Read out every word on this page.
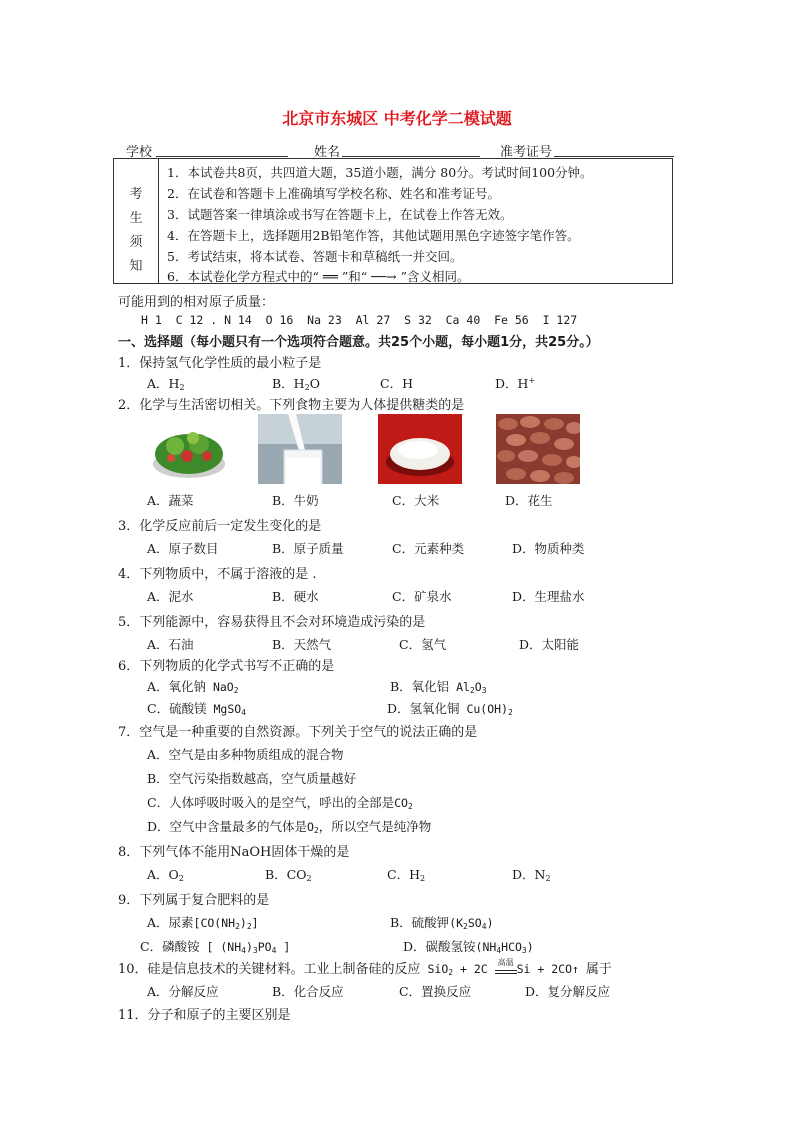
北京市东城区 中考化学二模试题
学校	姓名	准考证号
考
生
须
知
1．本试卷共8页，共四道大题，35道小题，满分 80分。考试时间100分钟。
2．在试卷和答题卡上准确填写学校名称、姓名和准考证号。
3．试题答案一律填涂或书写在答题卡上，在试卷上作答无效。
4．在答题卡上，选择题用2B铅笔作答，其他试题用黑色字迹签字笔作答。
5．考试结束，将本试卷、答题卡和草稿纸一并交回。
6．本试卷化学方程式中的“ ══ ”和“ ──→ ”含义相同。
可能用到的相对原子质量：
H 1  C 12 . N 14  O 16  Na 23  Al 27  S 32  Ca 40  Fe 56  I 127
一、选择题（每小题只有一个选项符合题意。共25个小题，每小题1分，共25分。）
1．保持氢气化学性质的最小粒子是
A．$H_2$	B．$H_2O$	C．H	D．H+
2．化学与生活密切相关。下列食物主要为人体提供糖类的是
A．蔬菜	B．牛奶	C．大米	D．花生
3．化学反应前后一定发生变化的是
A．原子数目	B．原子质量	C．元素种类	D．物质种类
4．下列物质中，不属于溶液的是 .
A．泥水	B．硬水	C．矿泉水	D．生理盐水
5．下列能源中，容易获得且不会对环境造成污染的是
A．石油	B．天然气	C．氢气	D．太阳能
6．下列物质的化学式书写不正确的是
A．氧化钠 NaO$_2$	B．氧化铝 $Al_2O_3$
C．硫酸镁 MgSO$_4$	D．氢氧化铜 $Cu(OH)_2$
7．空气是一种重要的自然资源。下列关于空气的说法正确的是
A．空气是由多种物质组成的混合物
B．空气污染指数越高，空气质量越好
C．人体呼吸时吸入的是空气，呼出的全部是$CO_2$
D．空气中含量最多的气体是$O_2$，所以空气是纯净物
8．下列气体不能用NaOH固体干燥的是
A．$O_2$	B．$CO_2$	C．$H_2$	D．$N_2$
9．下列属于复合肥料的是
A．尿素$[CO(NH_2)_2]$	B．硫酸钾$(K_2SO_4)$
C．磷酸铵 [ $(NH_4)_3PO_4$ ]	D．碳酸氢铵$(NH_4HCO_3)$
10．硅是信息技术的关键材料。工业上制备硅的反应 SiO$_2$ + 2C 高温 Si + 2CO↑ 属于
A．分解反应	B．化合反应	C．置换反应	D．复分解反应
11．分子和原子的主要区别是
